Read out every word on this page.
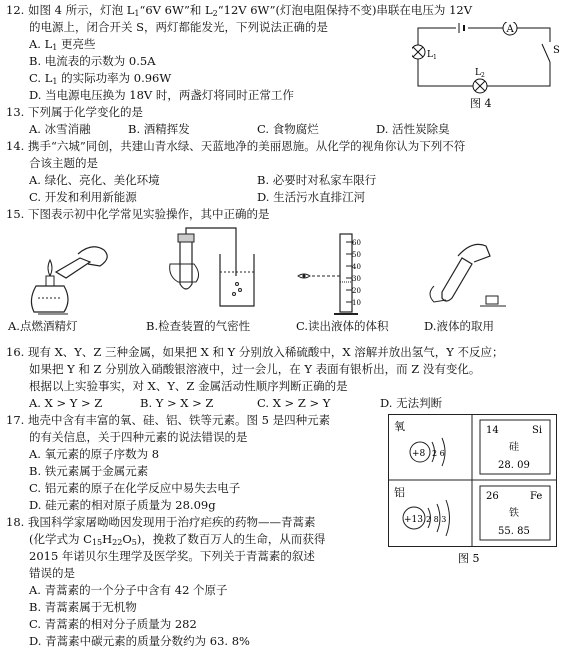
12. 如图 4 所示，灯泡 $L_1“6V$ 6W”和 $L_2“12V$ 6W”(灯泡电阻保持不变)串联在电压为 12V
的电源上，闭合开关 S，两灯都能发光，下列说法正确的是
A. $L_1$ 更亮些
B. 电流表的示数为 0.5A
C. $L_1$ 的实际功率为 0.96W
D. 当电源电压换为 18V 时，两盏灯将同时正常工作
A
S
$L_1$
$L_2$
图 4
13. 下列属于化学变化的是
A. 冰雪消融	B. 酒精挥发	C. 食物腐烂	D. 活性炭除臭
14. 携手“六城”同创，共建山青水绿、天蓝地净的美丽恩施。从化学的视角你认为下列不符
合该主题的是
A. 绿化、亮化、美化环境	B. 必要时对私家车限行
C. 开发和利用新能源	D. 生活污水直排江河
15. 下图表示初中化学常见实验操作，其中正确的是
A.点燃酒精灯	B.检查装置的气密性
60
50
40
30
20
10
C.读出液体的体积	D.液体的取用
16. 现有 X、Y、Z 三种金属，如果把 X 和 Y 分别放入稀硫酸中，X 溶解并放出氢气，Y 不反应；
如果把 Y 和 Z 分别放入硝酸银溶液中，过一会儿，在 Y 表面有银析出，而 Z 没有变化。
根据以上实验事实，对 X、Y、Z 金属活动性顺序判断正确的是
A. X > Y > Z	B. Y > X > Z	C. X > Z > Y	D. 无法判断
17. 地壳中含有丰富的氧、硅、铝、铁等元素。图 5 是四种元素
的有关信息，关于四种元素的说法错误的是
A. 氧元素的原子序数为 8
B. 铁元素属于金属元素
C. 铝元素的原子在化学反应中易失去电子
D. 硅元素的相对原子质量为 28.09g
氧
+8 2 6
14	Si
硅
28. 09
铝
+13 2 8 3
26	Fe
铁
55. 85
图 5
18. 我国科学家屠呦呦因发现用于治疗疟疾的药物——青蒿素
(化学式为 $C_{15}H_{22}O_5$)，挽救了数百万人的生命，从而获得
2015 年诺贝尔生理学及医学奖。下列关于青蒿素的叙述
错误的是
A. 青蒿素的一个分子中含有 42 个原子
B. 青蒿素属于无机物
C. 青蒿素的相对分子质量为 282
D. 青蒿素中碳元素的质量分数约为 63. 8%
